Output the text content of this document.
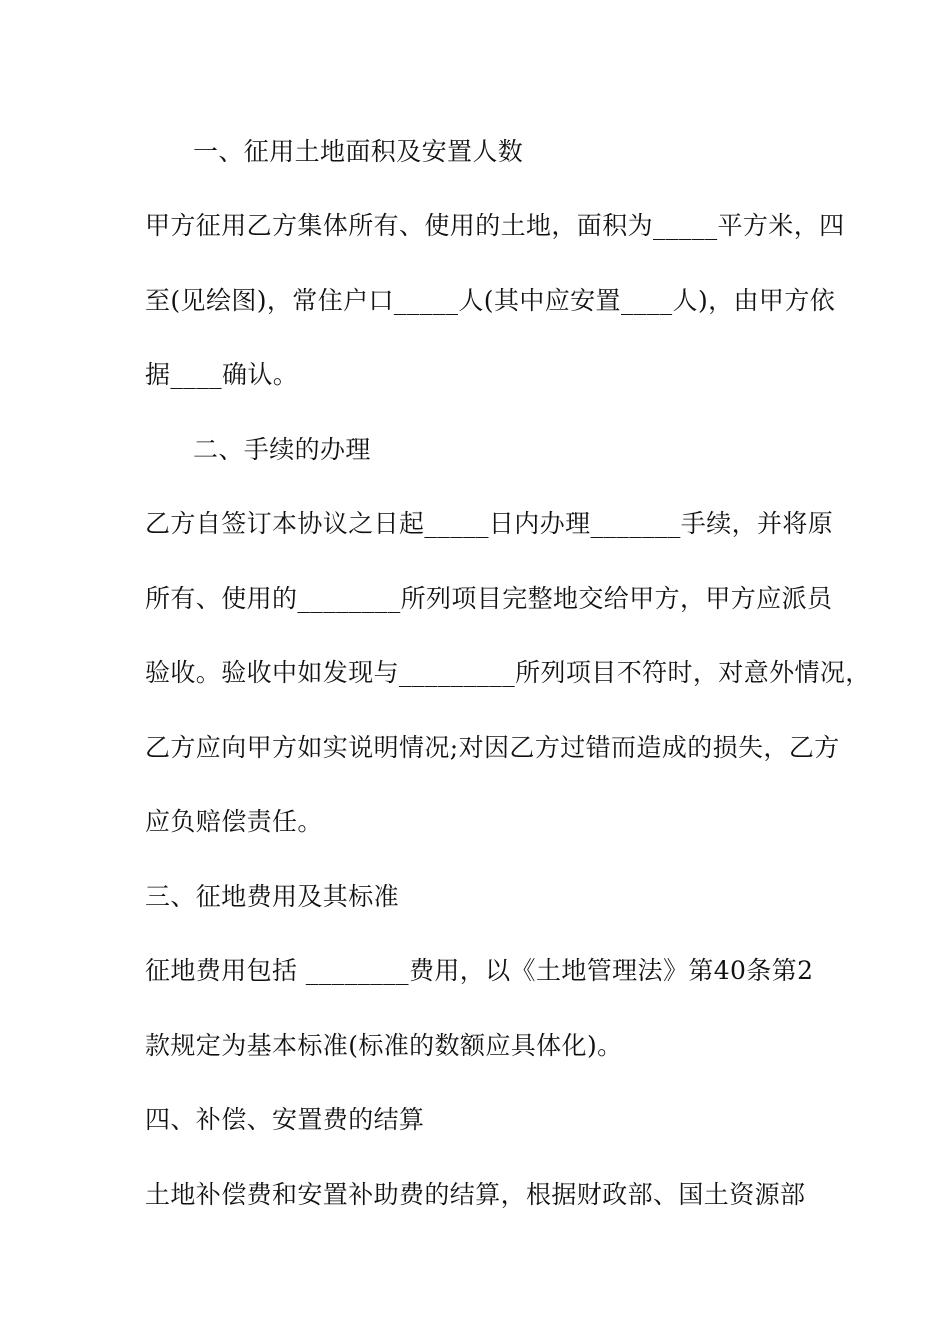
一、征用土地面积及安置人数
甲方征用乙方集体所有、使用的土地，面积为_____平方米，四
至(见绘图)，常住户口_____人(其中应安置____人)，由甲方依
据____确认。
二、手续的办理
乙方自签订本协议之日起_____日内办理_______手续，并将原
所有、使用的________所列项目完整地交给甲方，甲方应派员
验收。验收中如发现与_________所列项目不符时，对意外情况，
乙方应向甲方如实说明情况;对因乙方过错而造成的损失，乙方
应负赔偿责任。
三、征地费用及其标准
征地费用包括 ________费用，以《土地管理法》第40条第2
款规定为基本标准(标准的数额应具体化)。
四、补偿、安置费的结算
土地补偿费和安置补助费的结算，根据财政部、国土资源部
